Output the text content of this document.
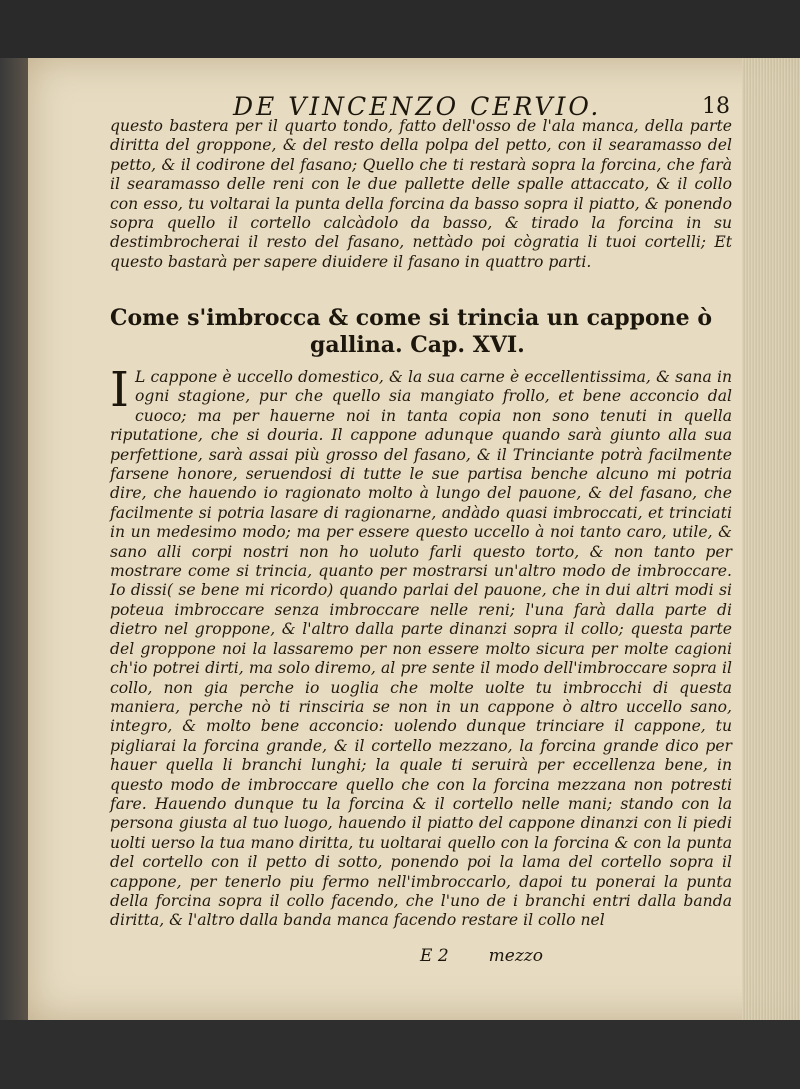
DE VINCENZO CERVIO.	18

questo bastera per il quarto tondo, fatto dell'osso de l'ala manca, della parte diritta del groppone, & del resto della polpa del petto, con il searamasso del petto, & il codirone del fasano; Quello che ti restarà sopra la forcina, che farà il searamasso delle reni con le due pallette delle spalle attaccato, & il collo con esso, tu voltarai la punta della forcina da basso sopra il piatto, & ponendo sopra quello il cortello calcàdolo da basso, & tirado la forcina in su destimbrocherai il resto del fasano, nettàdo poi cògratia li tuoi cortelli; Et questo bastarà per sapere diuidere il fasano in quattro parti.

Come s'imbrocca & come si trincia un cappone ò
gallina. Cap. XVI.

I L cappone è uccello domestico, & la sua carne è eccellentissima, & sana in ogni stagione, pur che quello sia mangiato frollo, et bene acconcio dal cuoco; ma per hauerne noi in tanta copia non sono tenuti in quella riputatione, che si douria. Il cappone adunque quando sarà giunto alla sua perfettione, sarà assai più grosso del fasano, & il Trinciante potrà facilmente farsene honore, seruendosi di tutte le sue partisa benche alcuno mi potria dire, che hauendo io ragionato molto à lungo del pauone, & del fasano, che facilmente si potria lasare di ragionarne, andàdo quasi imbroccati, et trinciati in un medesimo modo; ma per essere questo uccello à noi tanto caro, utile, & sano alli corpi nostri non ho uoluto farli questo torto, & non tanto per mostrare come si trincia, quanto per mostrarsi un'altro modo de imbroccare. Io dissi( se bene mi ricordo) quando parlai del pauone, che in dui altri modi si poteua imbroccare senza imbroccare nelle reni; l'una farà dalla parte di dietro nel groppone, & l'altro dalla parte dinanzi sopra il collo; questa parte del groppone noi la lassaremo per non essere molto sicura per molte cagioni ch'io potrei dirti, ma solo diremo, al pre sente il modo dell'imbroccare sopra il collo, non gia perche io uoglia che molte uolte tu imbrocchi di questa maniera, perche nò ti rinsciria se non in un cappone ò altro uccello sano, integro, & molto bene acconcio: uolendo dunque trinciare il cappone, tu pigliarai la forcina grande, & il cortello mezzano, la forcina grande dico per hauer quella li branchi lunghi; la quale ti seruirà per eccellenza bene, in questo modo de imbroccare quello che con la forcina mezzana non potresti fare. Hauendo dunque tu la forcina & il cortello nelle mani; stando con la persona giusta al tuo luogo, hauendo il piatto del cappone dinanzi con li piedi uolti uerso la tua mano diritta, tu uoltarai quello con la forcina & con la punta del cortello con il petto di sotto, ponendo poi la lama del cortello sopra il cappone, per tenerlo piu fermo nell'imbroccarlo, dapoi tu ponerai la punta della forcina sopra il collo facendo, che l'uno de i branchi entri dalla banda diritta, & l'altro dalla banda manca facendo restare il collo nel

E 2 mezzo
